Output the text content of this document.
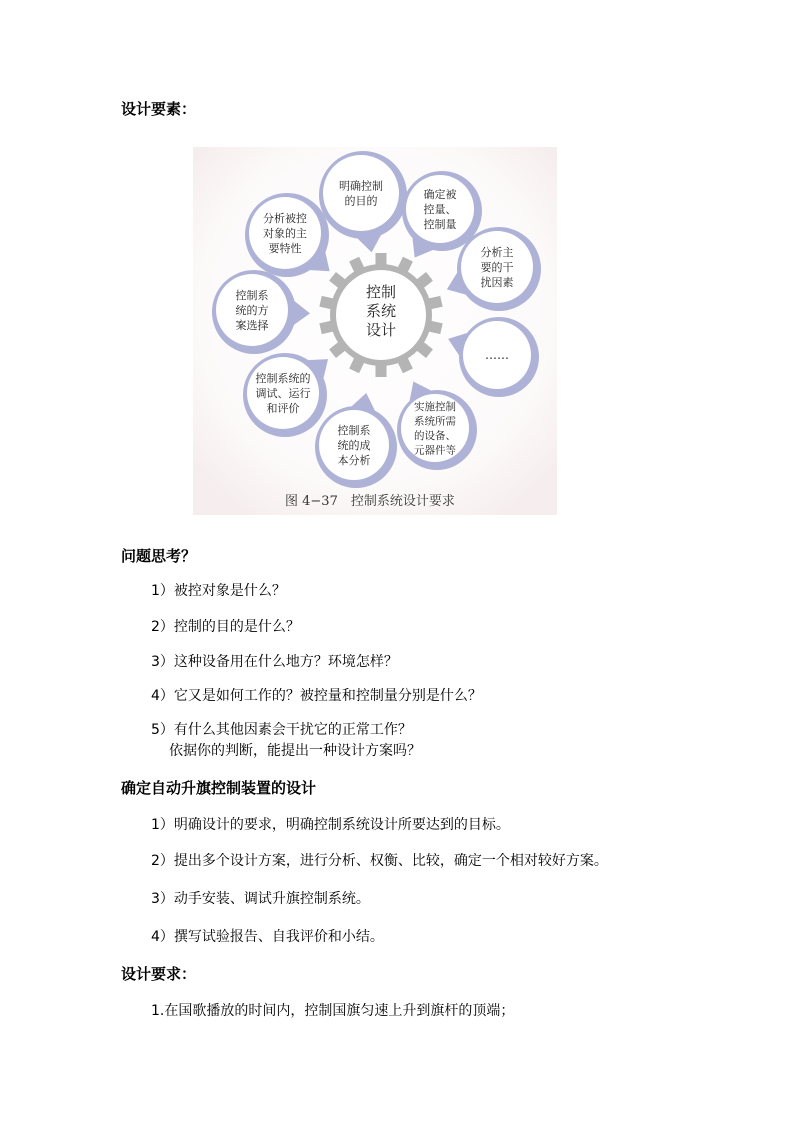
设计要素：
控制系统设计
明确控制的目的	确定被控量、控制量
分析主要的干扰因素
……
实施控制系统所需的设备、元器件等
控制系统的成本分析
控制系统的调试、运行和评价
控制系统的方案选择
分析被控对象的主要特性
图 4−37　控制系统设计要求
问题思考？
1）被控对象是什么？
2）控制的目的是什么？
3）这种设备用在什么地方？环境怎样？
4）它又是如何工作的？被控量和控制量分别是什么？
5）有什么其他因素会干扰它的正常工作？
依据你的判断，能提出一种设计方案吗？
确定自动升旗控制装置的设计
1）明确设计的要求，明确控制系统设计所要达到的目标。
2）提出多个设计方案，进行分析、权衡、比较，确定一个相对较好方案。
3）动手安装、调试升旗控制系统。
4）撰写试验报告、自我评价和小结。
设计要求：
1.在国歌播放的时间内，控制国旗匀速上升到旗杆的顶端；
